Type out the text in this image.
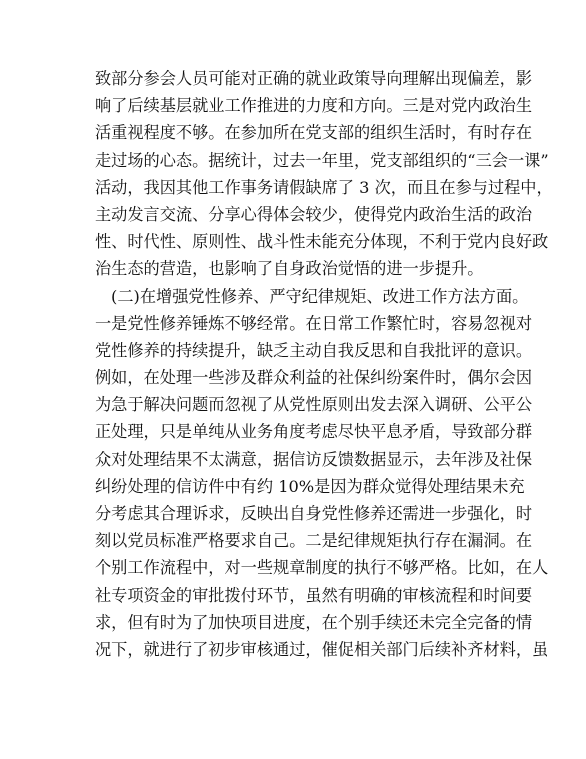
致部分参会人员可能对正确的就业政策导向理解出现偏差，影
响了后续基层就业工作推进的力度和方向。三是对党内政治生
活重视程度不够。在参加所在党支部的组织生活时，有时存在
走过场的心态。据统计，过去一年里，党支部组织的“三会一课”
活动，我因其他工作事务请假缺席了 3 次，而且在参与过程中，
主动发言交流、分享心得体会较少，使得党内政治生活的政治
性、时代性、原则性、战斗性未能充分体现，不利于党内良好政
治生态的营造，也影响了自身政治觉悟的进一步提升。
(二)在增强党性修养、严守纪律规矩、改进工作方法方面。
一是党性修养锤炼不够经常。在日常工作繁忙时，容易忽视对
党性修养的持续提升，缺乏主动自我反思和自我批评的意识。
例如，在处理一些涉及群众利益的社保纠纷案件时，偶尔会因
为急于解决问题而忽视了从党性原则出发去深入调研、公平公
正处理，只是单纯从业务角度考虑尽快平息矛盾，导致部分群
众对处理结果不太满意，据信访反馈数据显示，去年涉及社保
纠纷处理的信访件中有约 10%是因为群众觉得处理结果未充
分考虑其合理诉求，反映出自身党性修养还需进一步强化，时
刻以党员标准严格要求自己。二是纪律规矩执行存在漏洞。在
个别工作流程中，对一些规章制度的执行不够严格。比如，在人
社专项资金的审批拨付环节，虽然有明确的审核流程和时间要
求，但有时为了加快项目进度，在个别手续还未完全完备的情
况下，就进行了初步审核通过，催促相关部门后续补齐材料，虽
